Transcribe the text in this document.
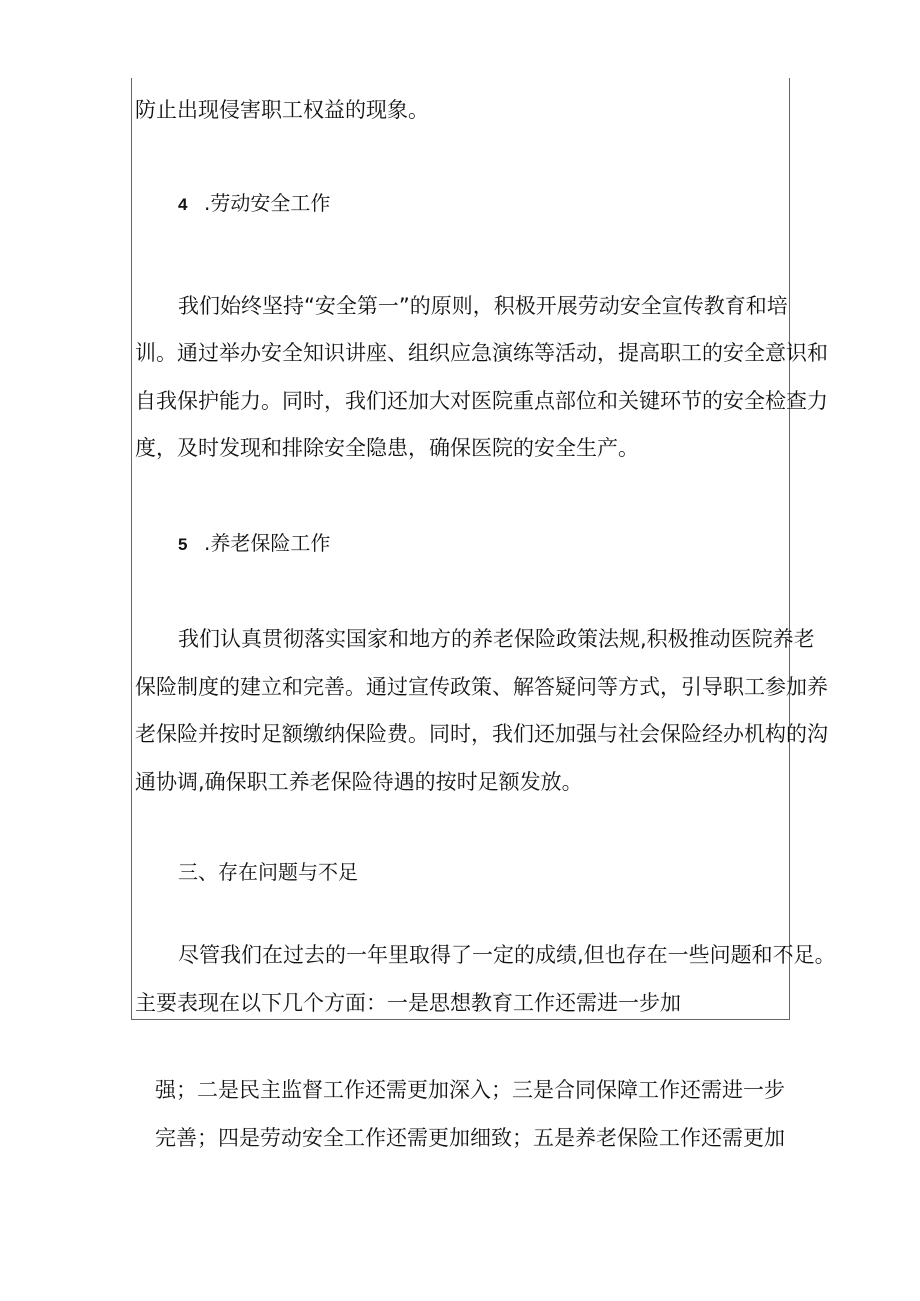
防止出现侵害职工权益的现象。
4 .劳动安全工作
我们始终坚持“安全第一”的原则，积极开展劳动安全宣传教育和培
训。通过举办安全知识讲座、组织应急演练等活动，提高职工的安全意识和
自我保护能力。同时，我们还加大对医院重点部位和关键环节的安全检查力
度，及时发现和排除安全隐患，确保医院的安全生产。
5 .养老保险工作
我们认真贯彻落实国家和地方的养老保险政策法规,积极推动医院养老
保险制度的建立和完善。通过宣传政策、解答疑问等方式，引导职工参加养
老保险并按时足额缴纳保险费。同时，我们还加强与社会保险经办机构的沟
通协调,确保职工养老保险待遇的按时足额发放。
三、存在问题与不足
尽管我们在过去的一年里取得了一定的成绩,但也存在一些问题和不足。
主要表现在以下几个方面：一是思想教育工作还需进一步加
强；二是民主监督工作还需更加深入；三是合同保障工作还需进一步
完善；四是劳动安全工作还需更加细致；五是养老保险工作还需更加
